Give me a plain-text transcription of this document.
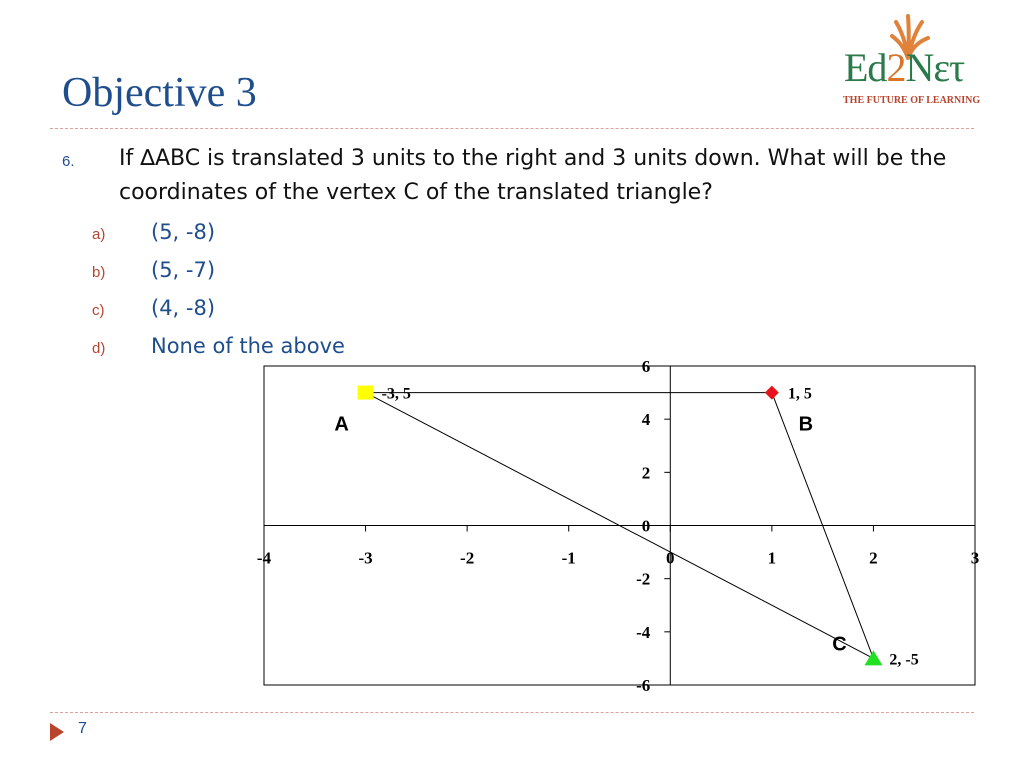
Objective 3
Ed2Nετ
THE FUTURE OF LEARNING
6. If ∆ABC is translated 3 units to the right and 3 units down. What will be the coordinates of the vertex C of the translated triangle?

a) (5, -8)
b) (5, -7)
c) (4, -8)
d) None of the above
-4	-3	-2	-1	0	1	2	3
-6
-4
-2
0
2
4
6
-3, 5
A
1, 5
B
2, -5
C
7
